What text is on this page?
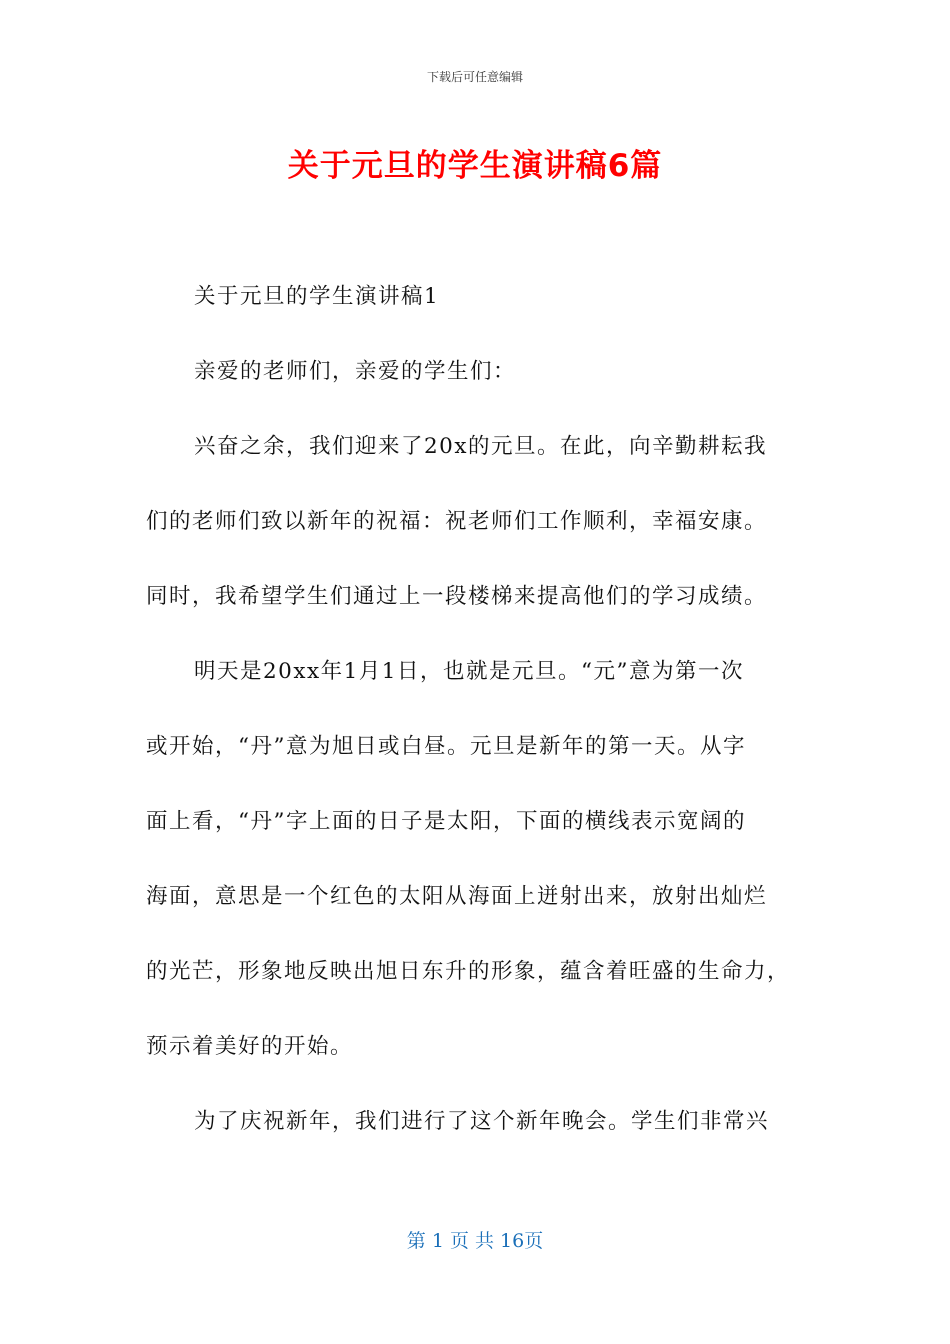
下载后可任意编辑
关于元旦的学生演讲稿6篇
关于元旦的学生演讲稿1
亲爱的老师们，亲爱的学生们：
兴奋之余，我们迎来了20x的元旦。在此，向辛勤耕耘我
们的老师们致以新年的祝福：祝老师们工作顺利，幸福安康。
同时，我希望学生们通过上一段楼梯来提高他们的学习成绩。
明天是20xx年1月1日，也就是元旦。“元”意为第一次
或开始，“丹”意为旭日或白昼。元旦是新年的第一天。从字
面上看，“丹”字上面的日子是太阳，下面的横线表示宽阔的
海面，意思是一个红色的太阳从海面上迸射出来，放射出灿烂
的光芒，形象地反映出旭日东升的形象，蕴含着旺盛的生命力，
预示着美好的开始。
为了庆祝新年，我们进行了这个新年晚会。学生们非常兴
第 1 页 共 16页
